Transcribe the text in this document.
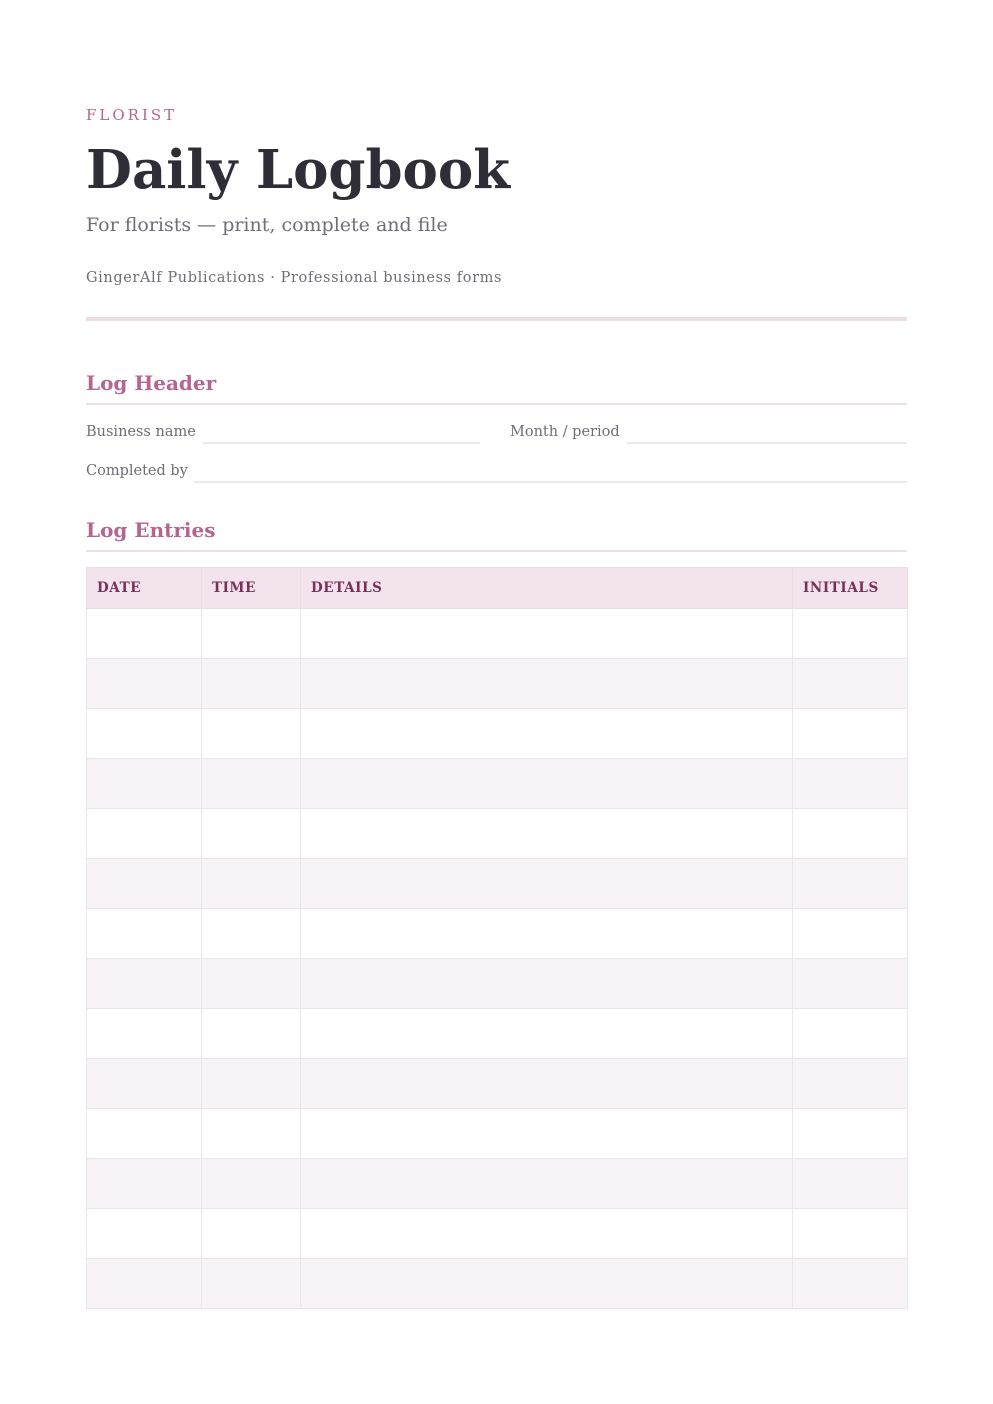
FLORIST
Daily Logbook
For florists — print, complete and file
GingerAlf Publications · Professional business forms
Log Header
Business name	Month / period
Completed by
Log Entries
DATE	TIME	DETAILS	INITIALS
